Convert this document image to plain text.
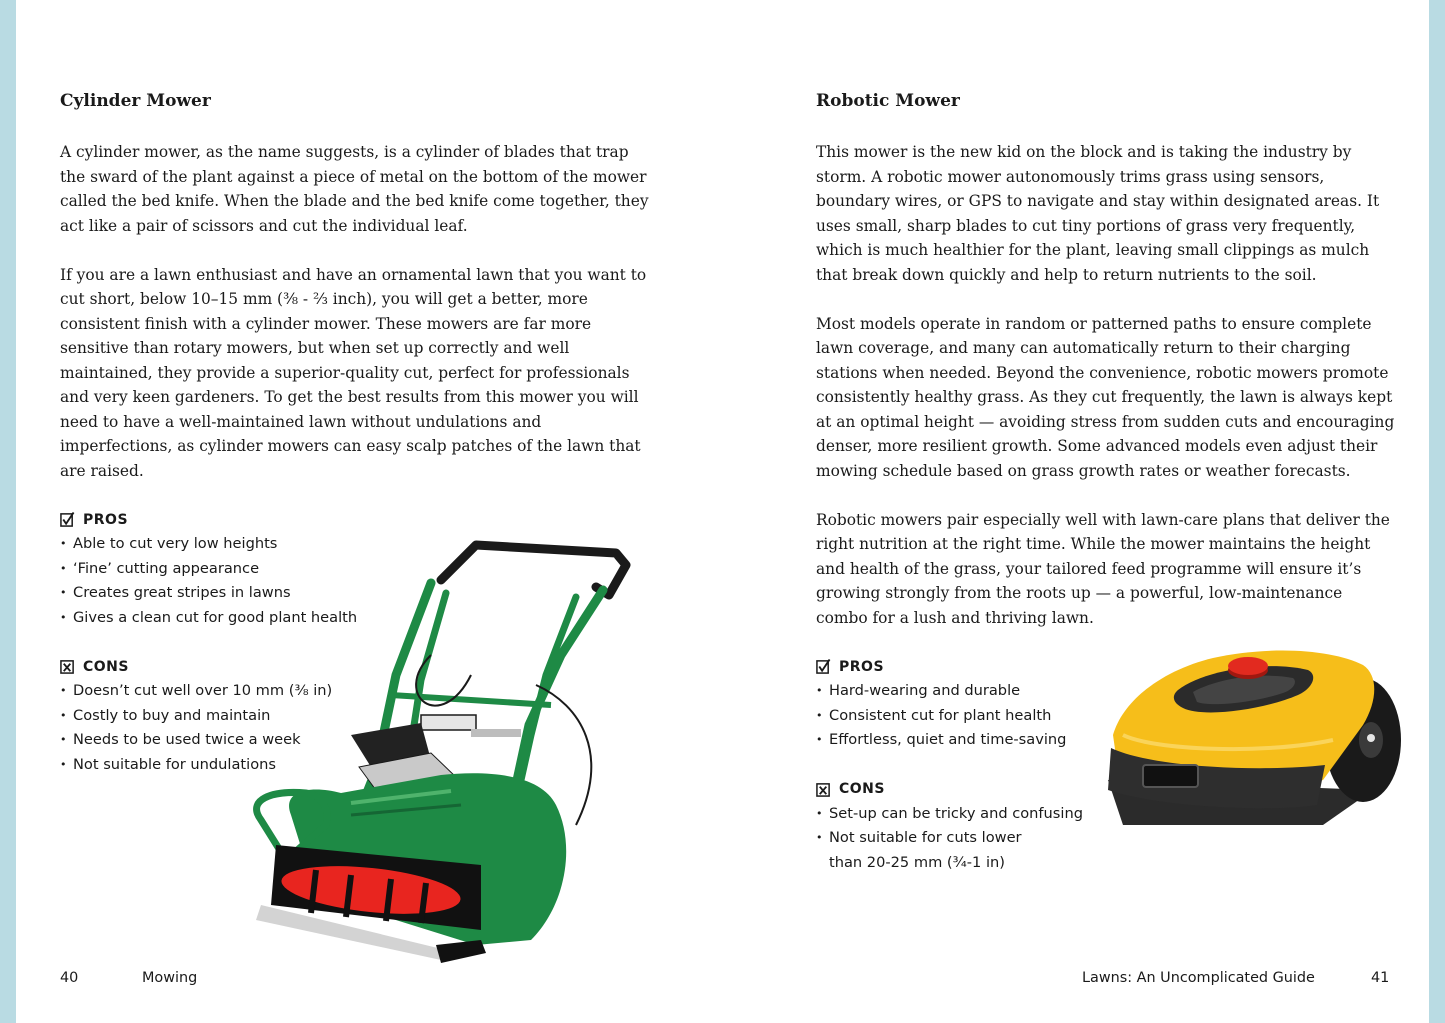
Cylinder Mower

A cylinder mower, as the name suggests, is a cylinder of blades that trap the sward of the plant against a piece of metal on the bottom of the mower called the bed knife. When the blade and the bed knife come together, they act like a pair of scissors and cut the individual leaf.

If you are a lawn enthusiast and have an ornamental lawn that you want to cut short, below 10–15 mm (⅜ - ⅔ inch), you will get a better, more consistent finish with a cylinder mower. These mowers are far more sensitive than rotary mowers, but when set up correctly and well maintained, they provide a superior-quality cut, perfect for professionals and very keen gardeners. To get the best results from this mower you will need to have a well-maintained lawn without undulations and imperfections, as cylinder mowers can easy scalp patches of the lawn that are raised.

PROS
• Able to cut very low heights
• ‘Fine’ cutting appearance
• Creates great stripes in lawns
• Gives a clean cut for good plant health
CONS
• Doesn’t cut well over 10 mm (⅜ in)
• Costly to buy and maintain
• Needs to be used twice a week
• Not suitable for undulations
40	Mowing
Robotic Mower

This mower is the new kid on the block and is taking the industry by storm. A robotic mower autonomously trims grass using sensors, boundary wires, or GPS to navigate and stay within designated areas. It uses small, sharp blades to cut tiny portions of grass very frequently, which is much healthier for the plant, leaving small clippings as mulch that break down quickly and help to return nutrients to the soil.

Most models operate in random or patterned paths to ensure complete lawn coverage, and many can automatically return to their charging stations when needed. Beyond the convenience, robotic mowers promote consistently healthy grass. As they cut frequently, the lawn is always kept at an optimal height — avoiding stress from sudden cuts and encouraging denser, more resilient growth. Some advanced models even adjust their mowing schedule based on grass growth rates or weather forecasts.

Robotic mowers pair especially well with lawn-care plans that deliver the right nutrition at the right time. While the mower maintains the height and health of the grass, your tailored feed programme will ensure it’s growing strongly from the roots up — a powerful, low-maintenance combo for a lush and thriving lawn.

PROS
• Hard-wearing and durable
• Consistent cut for plant health
• Effortless, quiet and time-saving
CONS
• Set-up can be tricky and confusing
• Not suitable for cuts lower
than 20-25 mm (¾-1 in)
Lawns: An Uncomplicated Guide	41
